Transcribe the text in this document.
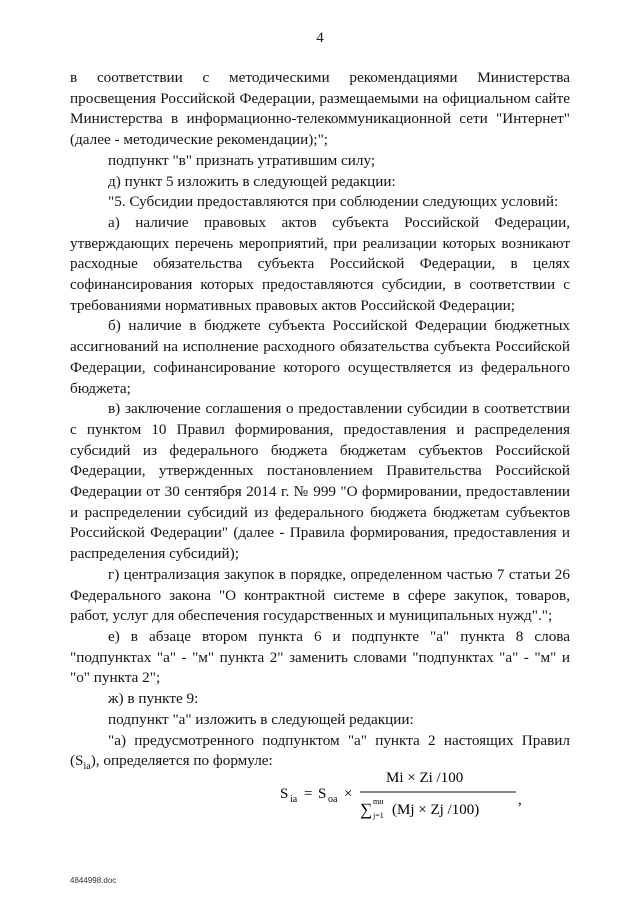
4

в соответствии с методическими рекомендациями Министерства просвещения Российской Федерации, размещаемыми на официальном сайте Министерства в информационно-телекоммуникационной сети "Интернет" (далее - методические рекомендации);";

подпункт "в" признать утратившим силу;

д) пункт 5 изложить в следующей редакции:

"5. Субсидии предоставляются при соблюдении следующих условий:

а) наличие правовых актов субъекта Российской Федерации, утверждающих перечень мероприятий, при реализации которых возникают расходные обязательства субъекта Российской Федерации, в целях софинансирования которых предоставляются субсидии, в соответствии с требованиями нормативных правовых актов Российской Федерации;

б) наличие в бюджете субъекта Российской Федерации бюджетных ассигнований на исполнение расходного обязательства субъекта Российской Федерации, софинансирование которого осуществляется из федерального бюджета;

в) заключение соглашения о предоставлении субсидии в соответствии с пунктом 10 Правил формирования, предоставления и распределения субсидий из федерального бюджета бюджетам субъектов Российской Федерации, утвержденных постановлением Правительства Российской Федерации от 30 сентября 2014 г. № 999 "О формировании, предоставлении и распределении субсидий из федерального бюджета бюджетам субъектов Российской Федерации" (далее - Правила формирования, предоставления и распределения субсидий);

г) централизация закупок в порядке, определенном частью 7 статьи 26 Федерального закона "О контрактной системе в сфере закупок, товаров, работ, услуг для обеспечения государственных и муниципальных нужд".";

е) в абзаце втором пункта 6 и подпункте "а" пункта 8 слова "подпунктах "а" - "м" пункта 2" заменить словами "подпунктах "а" - "м" и "о" пункта 2";

ж) в пункте 9:

подпункт "а" изложить в следующей редакции:

"а) предусмотренного подпунктом "а" пункта 2 настоящих Правил $(S_{ia})$, определяется по формуле:

S ia = S oa ×
Mi × Zi /100
∑ mн
j=1 (Mj × Zj /100)
,
4844998.doc
